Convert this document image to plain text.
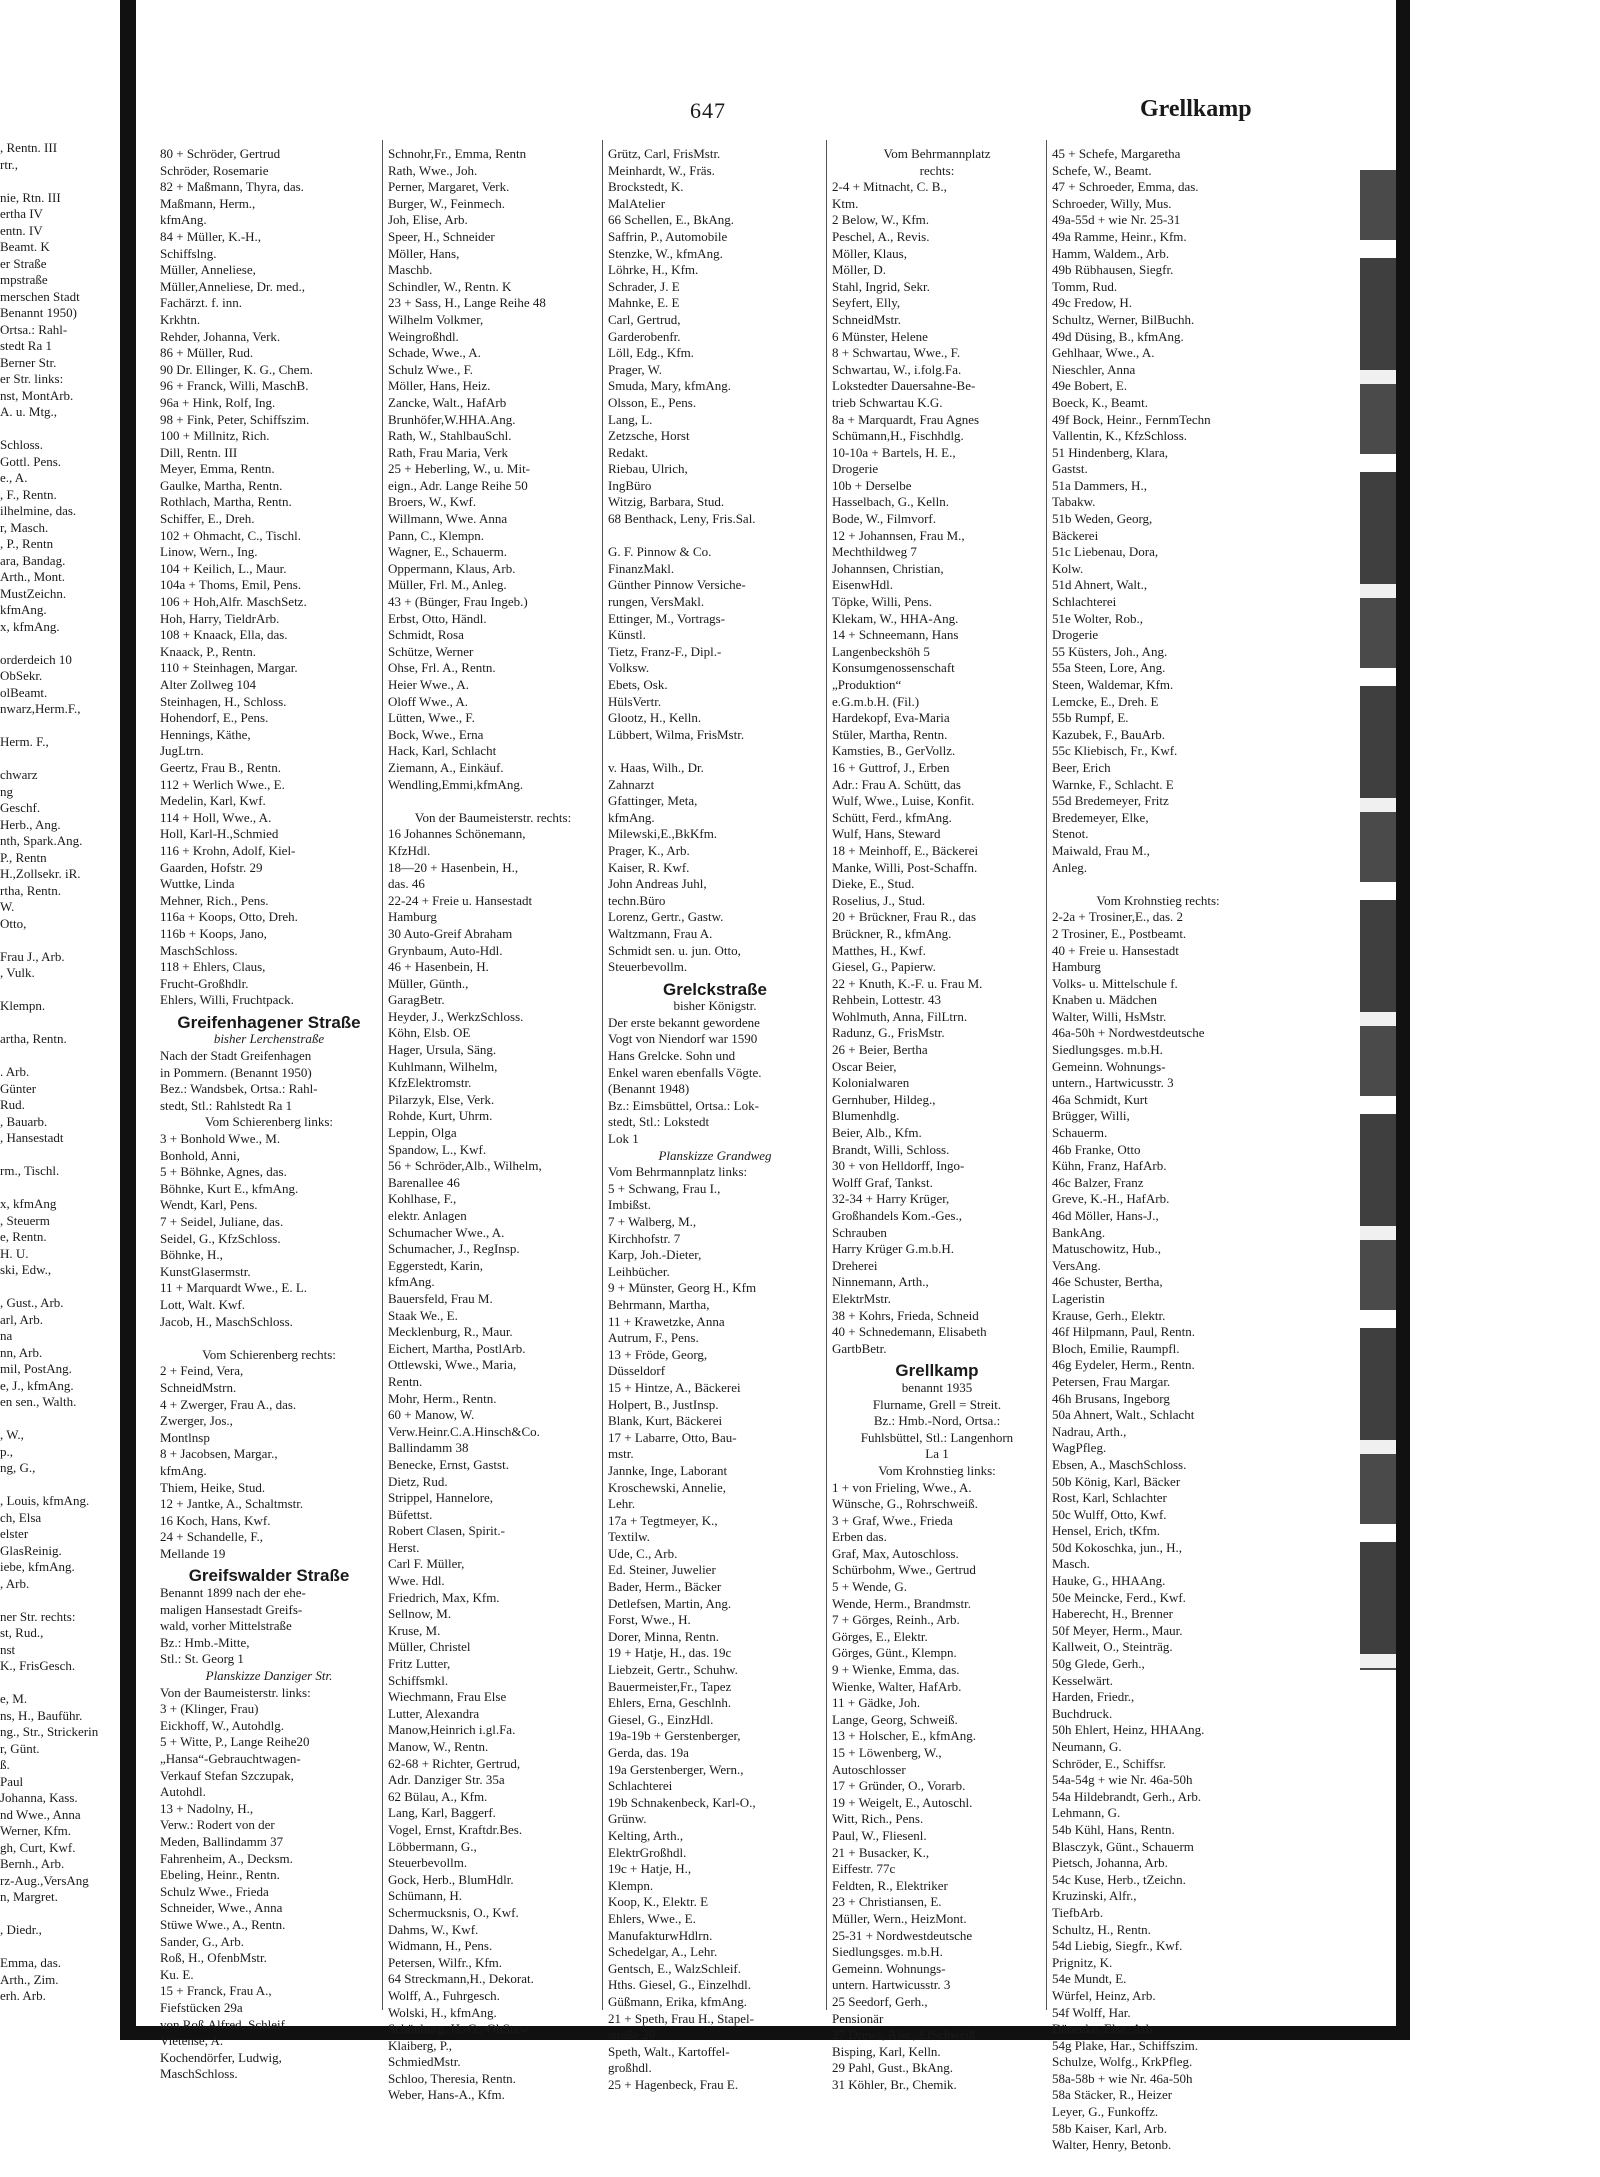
, Rentn. III
rtr.,

nie, Rtn. III
ertha IV
entn. IV
Beamt. K
er Straße
mpstraße
merschen Stadt
Benannt 1950)
Ortsa.: Rahl-
stedt Ra 1
Berner Str.
er Str. links:
nst, MontArb.
A. u. Mtg.,

Schloss.
Gottl. Pens.
e., A.
, F., Rentn.
ilhelmine, das.
r, Masch.
, P., Rentn
ara, Bandag.
Arth., Mont.
MustZeichn.
kfmAng.
x, kfmAng.

orderdeich 10
ObSekr.
olBeamt.
nwarz,Herm.F.,

Herm. F.,

chwarz
ng
Geschf.
Herb., Ang.
nth, Spark.Ang.
P., Rentn
H.,Zollsekr. iR.
rtha, Rentn.
W.
Otto,

Frau J., Arb.
, Vulk.

Klempn.

artha, Rentn.

. Arb.
Günter
Rud.
, Bauarb.
, Hansestadt

rm., Tischl.

x, kfmAng
, Steuerm
e, Rentn.
H. U.
ski, Edw.,

, Gust., Arb.
arl, Arb.
na
nn, Arb.
mil, PostAng.
e, J., kfmAng.
en sen., Walth.

, W.,
p.,
ng, G.,

, Louis, kfmAng.
ch, Elsa
elster
GlasReinig.
iebe, kfmAng.
, Arb.

ner Str. rechts:
st, Rud.,
nst
K., FrisGesch.

e, M.
ns, H., Bauführ.
ng., Str., Strickerin
r, Günt.
ß.
Paul
Johanna, Kass.
nd Wwe., Anna
Werner, Kfm.
gh, Curt, Kwf.
Bernh., Arb.
rz-Aug.,VersAng
n, Margret.

, Diedr.,

Emma, das.
Arth., Zim.
erh. Arb.
647	Grellkamp
80 + Schröder, Gertrud
Schröder, Rosemarie
82 + Maßmann, Thyra, das.
Maßmann, Herm.,
kfmAng.
84 + Müller, K.-H.,
Schiffslng.
Müller, Anneliese,
Müller,Anneliese, Dr. med.,
Fachärzt. f. inn.
Krkhtn.
Rehder, Johanna, Verk.
86 + Müller, Rud.
90 Dr. Ellinger, K. G., Chem.
96 + Franck, Willi, MaschB.
96a + Hink, Rolf, Ing.
98 + Fink, Peter, Schiffszim.
100 + Millnitz, Rich.
Dill, Rentn. III
Meyer, Emma, Rentn.
Gaulke, Martha, Rentn.
Rothlach, Martha, Rentn.
Schiffer, E., Dreh.
102 + Ohmacht, C., Tischl.
Linow, Wern., Ing.
104 + Keilich, L., Maur.
104a + Thoms, Emil, Pens.
106 + Hoh,Alfr. MaschSetz.
Hoh, Harry, TieldrArb.
108 + Knaack, Ella, das.
Knaack, P., Rentn.
110 + Steinhagen, Margar.
Alter Zollweg 104
Steinhagen, H., Schloss.
Hohendorf, E., Pens.
Hennings, Käthe,
JugLtrn.
Geertz, Frau B., Rentn.
112 + Werlich Wwe., E.
Medelin, Karl, Kwf.
114 + Holl, Wwe., A.
Holl, Karl-H.,Schmied
116 + Krohn, Adolf, Kiel-
Gaarden, Hofstr. 29
Wuttke, Linda
Mehner, Rich., Pens.
116a + Koops, Otto, Dreh.
116b + Koops, Jano,
MaschSchloss.
118 + Ehlers, Claus,
Frucht-Großhdlr.
Ehlers, Willi, Fruchtpack.
Greifenhagener Straße
bisher Lerchenstraße
Nach der Stadt Greifenhagen
in Pommern. (Benannt 1950)
Bez.: Wandsbek, Ortsa.: Rahl-
stedt, Stl.: Rahlstedt Ra 1
Vom Schierenberg links:
3 + Bonhold Wwe., M.
Bonhold, Anni,
5 + Böhnke, Agnes, das.
Böhnke, Kurt E., kfmAng.
Wendt, Karl, Pens.
7 + Seidel, Juliane, das.
Seidel, G., KfzSchloss.
Böhnke, H.,
KunstGlasermstr.
11 + Marquardt Wwe., E. L.
Lott, Walt. Kwf.
Jacob, H., MaschSchloss.

Vom Schierenberg rechts:
2 + Feind, Vera,
SchneidMstrn.
4 + Zwerger, Frau A., das.
Zwerger, Jos.,
Montlnsp
8 + Jacobsen, Margar.,
kfmAng.
Thiem, Heike, Stud.
12 + Jantke, A., Schaltmstr.
16 Koch, Hans, Kwf.
24 + Schandelle, F.,
Mellande 19
Greifswalder Straße
Benannt 1899 nach der ehe-
maligen Hansestadt Greifs-
wald, vorher Mittelstraße
Bz.: Hmb.-Mitte,
Stl.: St. Georg 1
Planskizze Danziger Str.
Von der Baumeisterstr. links:
3 + (Klinger, Frau)
Eickhoff, W., Autohdlg.
5 + Witte, P., Lange Reihe20
„Hansa“-Gebrauchtwagen-
Verkauf Stefan Szczupak,
Autohdl.
13 + Nadolny, H.,
Verw.: Rodert von der
Meden, Ballindamm 37
Fahrenheim, A., Decksm.
Ebeling, Heinr., Rentn.
Schulz Wwe., Frieda
Schneider, Wwe., Anna
Stüwe Wwe., A., Rentn.
Sander, G., Arb.
Roß, H., OfenbMstr.
Ku. E.
15 + Franck, Frau A.,
Fiefstücken 29a
von Roß,Alfred, Schleif.
Vietense, A.
Kochendörfer, Ludwig,
MaschSchloss.
Schnohr,Fr., Emma, Rentn
Rath, Wwe., Joh.
Perner, Margaret, Verk.
Burger, W., Feinmech.
Joh, Elise, Arb.
Speer, H., Schneider
Möller, Hans,
Maschb.
Schindler, W., Rentn. K
23 + Sass, H., Lange Reihe 48
Wilhelm Volkmer,
Weingroßhdl.
Schade, Wwe., A.
Schulz Wwe., F.
Möller, Hans, Heiz.
Zancke, Walt., HafArb
Brunhöfer,W.HHA.Ang.
Rath, W., StahlbauSchl.
Rath, Frau Maria, Verk
25 + Heberling, W., u. Mit-
eign., Adr. Lange Reihe 50
Broers, W., Kwf.
Willmann, Wwe. Anna
Pann, C., Klempn.
Wagner, E., Schauerm.
Oppermann, Klaus, Arb.
Müller, Frl. M., Anleg.
43 + (Bünger, Frau Ingeb.)
Erbst, Otto, Händl.
Schmidt, Rosa
Schütze, Werner
Ohse, Frl. A., Rentn.
Heier Wwe., A.
Oloff Wwe., A.
Lütten, Wwe., F.
Bock, Wwe., Erna
Hack, Karl, Schlacht
Ziemann, A., Einkäuf.
Wendling,Emmi,kfmAng.

Von der Baumeisterstr. rechts:
16 Johannes Schönemann,
KfzHdl.
18—20 + Hasenbein, H.,
das. 46
22-24 + Freie u. Hansestadt
Hamburg
30 Auto-Greif Abraham
Grynbaum, Auto-Hdl.
46 + Hasenbein, H.
Müller, Günth.,
GaragBetr.
Heyder, J., WerkzSchloss.
Köhn, Elsb. OE
Hager, Ursula, Säng.
Kuhlmann, Wilhelm,
KfzElektromstr.
Pilarzyk, Else, Verk.
Rohde, Kurt, Uhrm.
Leppin, Olga
Spandow, L., Kwf.
56 + Schröder,Alb., Wilhelm,
Barenallee 46
Kohlhase, F.,
elektr. Anlagen
Schumacher Wwe., A.
Schumacher, J., RegInsp.
Eggerstedt, Karin,
kfmAng.
Bauersfeld, Frau M.
Staak We., E.
Mecklenburg, R., Maur.
Eichert, Martha, PostlArb.
Ottlewski, Wwe., Maria,
Rentn.
Mohr, Herm., Rentn.
60 + Manow, W.
Verw.Heinr.C.A.Hinsch&Co.
Ballindamm 38
Benecke, Ernst, Gastst.
Dietz, Rud.
Strippel, Hannelore,
Büfettst.
Robert Clasen, Spirit.-
Herst.
Carl F. Müller,
Wwe. Hdl.
Friedrich, Max, Kfm.
Sellnow, M.
Kruse, M.
Müller, Christel
Fritz Lutter,
Schiffsmkl.
Wiechmann, Frau Else
Lutter, Alexandra
Manow,Heinrich i.gl.Fa.
Manow, W., Rentn.
62-68 + Richter, Gertrud,
Adr. Danziger Str. 35a
62 Bülau, A., Kfm.
Lang, Karl, Baggerf.
Vogel, Ernst, Kraftdr.Bes.
Löbbermann, G.,
Steuerbevollm.
Gock, Herb., BlumHdlr.
Schümann, H.
Schermucksnis, O., Kwf.
Dahms, W., Kwf.
Widmann, H., Pens.
Petersen, Wilfr., Kfm.
64 Streckmann,H., Dekorat.
Wolff, A., Fuhrgesch.
Wolski, H., kfmAng.
Schönburg, H.-G., ObStew.
Klaiberg, P.,
SchmiedMstr.
Schloo, Theresia, Rentn.
Weber, Hans-A., Kfm.
Grütz, Carl, FrisMstr.
Meinhardt, W., Fräs.
Brockstedt, K.
MalAtelier
66 Schellen, E., BkAng.
Saffrin, P., Automobile
Stenzke, W., kfmAng.
Löhrke, H., Kfm.
Schrader, J. E
Mahnke, E. E
Carl, Gertrud,
Garderobenfr.
Löll, Edg., Kfm.
Prager, W.
Smuda, Mary, kfmAng.
Olsson, E., Pens.
Lang, L.
Zetzsche, Horst
Redakt.
Riebau, Ulrich,
IngBüro
Witzig, Barbara, Stud.
68 Benthack, Leny, Fris.Sal.

G. F. Pinnow & Co.
FinanzMakl.
Günther Pinnow Versiche-
rungen, VersMakl.
Ettinger, M., Vortrags-
Künstl.
Tietz, Franz-F., Dipl.-
Volksw.
Ebets, Osk.
HülsVertr.
Glootz, H., Kelln.
Lübbert, Wilma, FrisMstr.

v. Haas, Wilh., Dr.
Zahnarzt
Gfattinger, Meta,
kfmAng.
Milewski,E.,BkKfm.
Prager, K., Arb.
Kaiser, R. Kwf.
John Andreas Juhl,
techn.Büro
Lorenz, Gertr., Gastw.
Waltzmann, Frau A.
Schmidt sen. u. jun. Otto,
Steuerbevollm.
Grelckstraße
bisher Königstr.
Der erste bekannt gewordene
Vogt von Niendorf war 1590
Hans Grelcke. Sohn und
Enkel waren ebenfalls Vögte.
(Benannt 1948)
Bz.: Eimsbüttel, Ortsa.: Lok-
stedt, Stl.: Lokstedt
Lok 1
Planskizze Grandweg
Vom Behrmannplatz links:
5 + Schwang, Frau I.,
Imbißst.
7 + Walberg, M.,
Kirchhofstr. 7
Karp, Joh.-Dieter,
Leihbücher.
9 + Münster, Georg H., Kfm
Behrmann, Martha,
11 + Krawetzke, Anna
Autrum, F., Pens.
13 + Fröde, Georg,
Düsseldorf
15 + Hintze, A., Bäckerei
Holpert, B., JustInsp.
Blank, Kurt, Bäckerei
17 + Labarre, Otto, Bau-
mstr.
Jannke, Inge, Laborant
Kroschewski, Annelie,
Lehr.
17a + Tegtmeyer, K.,
Textilw.
Ude, C., Arb.
Ed. Steiner, Juwelier
Bader, Herm., Bäcker
Detlefsen, Martin, Ang.
Forst, Wwe., H.
Dorer, Minna, Rentn.
19 + Hatje, H., das. 19c
Liebzeit, Gertr., Schuhw.
Bauermeister,Fr., Tapez
Ehlers, Erna, Geschlnh.
Giesel, G., EinzHdl.
19a-19b + Gerstenberger,
Gerda, das. 19a
19a Gerstenberger, Wern.,
Schlachterei
19b Schnakenbeck, Karl-O.,
Grünw.
Kelting, Arth.,
ElektrGroßhdl.
19c + Hatje, H.,
Klempn.
Koop, K., Elektr. E
Ehlers, Wwe., E.
ManufakturwHdlrn.
Schedelgar, A., Lehr.
Gentsch, E., WalzSchleif.
Hths. Giesel, G., Einzelhdl.
Güßmann, Erika, kfmAng.
21 + Speth, Frau H., Stapel-
straße 20
Speth, Walt., Kartoffel-
großhdl.
25 + Hagenbeck, Frau E.
Vom Behrmannplatz
rechts:
2-4 + Mitnacht, C. B.,
Ktm.
2 Below, W., Kfm.
Peschel, A., Revis.
Möller, Klaus,
Möller, D.
Stahl, Ingrid, Sekr.
Seyfert, Elly,
SchneidMstr.
6 Münster, Helene
8 + Schwartau, Wwe., F.
Schwartau, W., i.folg.Fa.
Lokstedter Dauersahne-Be-
trieb Schwartau K.G.
8a + Marquardt, Frau Agnes
Schümann,H., Fischhdlg.
10-10a + Bartels, H. E.,
Drogerie
10b + Derselbe
Hasselbach, G., Kelln.
Bode, W., Filmvorf.
12 + Johannsen, Frau M.,
Mechthildweg 7
Johannsen, Christian,
EisenwHdl.
Töpke, Willi, Pens.
Klekam, W., HHA-Ang.
14 + Schneemann, Hans
Langenbeckshöh 5
Konsumgenossenschaft
„Produktion“
e.G.m.b.H. (Fil.)
Hardekopf, Eva-Maria
Stüler, Martha, Rentn.
Kamsties, B., GerVollz.
16 + Guttrof, J., Erben
Adr.: Frau A. Schütt, das
Wulf, Wwe., Luise, Konfit.
Schütt, Ferd., kfmAng.
Wulf, Hans, Steward
18 + Meinhoff, E., Bäckerei
Manke, Willi, Post-Schaffn.
Dieke, E., Stud.
Roselius, J., Stud.
20 + Brückner, Frau R., das
Brückner, R., kfmAng.
Matthes, H., Kwf.
Giesel, G., Papierw.
22 + Knuth, K.-F. u. Frau M.
Rehbein, Lottestr. 43
Wohlmuth, Anna, FilLtrn.
Radunz, G., FrisMstr.
26 + Beier, Bertha
Oscar Beier,
Kolonialwaren
Gernhuber, Hildeg.,
Blumenhdlg.
Beier, Alb., Kfm.
Brandt, Willi, Schloss.
30 + von Helldorff, Ingo-
Wolff Graf, Tankst.
32-34 + Harry Krüger,
Großhandels Kom.-Ges.,
Schrauben
Harry Krüger G.m.b.H.
Dreherei
Ninnemann, Arth.,
ElektrMstr.
38 + Kohrs, Frieda, Schneid
40 + Schnedemann, Elisabeth
GartbBetr.
Grellkamp
benannt 1935
Flurname, Grell = Streit.
Bz.: Hmb.-Nord, Ortsa.:
Fuhlsbüttel, Stl.: Langenhorn
La 1
Vom Krohnstieg links:
1 + von Frieling, Wwe., A.
Wünsche, G., Rohrschweiß.
3 + Graf, Wwe., Frieda
Erben das.
Graf, Max, Autoschloss.
Schürbohm, Wwe., Gertrud
5 + Wende, G.
Wende, Herm., Brandmstr.
7 + Görges, Reinh., Arb.
Görges, E., Elektr.
Görges, Günt., Klempn.
9 + Wienke, Emma, das.
Wienke, Walter, HafArb.
11 + Gädke, Joh.
Lange, Georg, Schweiß.
13 + Holscher, E., kfmAng.
15 + Löwenberg, W.,
Autoschlosser
17 + Gründer, O., Vorarb.
19 + Weigelt, E., Autoschl.
Witt, Rich., Pens.
Paul, W., Fliesenl.
21 + Busacker, K.,
Eiffestr. 77c
Feldten, R., Elektriker
23 + Christiansen, E.
Müller, Wern., HeizMont.
25-31 + Nordwestdeutsche
Siedlungsges. m.b.H.
Gemeinn. Wohnungs-
untern. Hartwicusstr. 3
25 Seedorf, Gerh.,
Pensionär
27 Drews, Alw., ElSchweiß.
Bisping, Karl, Kelln.
29 Pahl, Gust., BkAng.
31 Köhler, Br., Chemik.
45 + Schefe, Margaretha
Schefe, W., Beamt.
47 + Schroeder, Emma, das.
Schroeder, Willy, Mus.
49a-55d + wie Nr. 25-31
49a Ramme, Heinr., Kfm.
Hamm, Waldem., Arb.
49b Rübhausen, Siegfr.
Tomm, Rud.
49c Fredow, H.
Schultz, Werner, BilBuchh.
49d Düsing, B., kfmAng.
Gehlhaar, Wwe., A.
Nieschler, Anna
49e Bobert, E.
Boeck, K., Beamt.
49f Bock, Heinr., FernmTechn
Vallentin, K., KfzSchloss.
51 Hindenberg, Klara,
Gastst.
51a Dammers, H.,
Tabakw.
51b Weden, Georg,
Bäckerei
51c Liebenau, Dora,
Kolw.
51d Ahnert, Walt.,
Schlachterei
51e Wolter, Rob.,
Drogerie
55 Küsters, Joh., Ang.
55a Steen, Lore, Ang.
Steen, Waldemar, Kfm.
Lemcke, E., Dreh. E
55b Rumpf, E.
Kazubek, F., BauArb.
55c Kliebisch, Fr., Kwf.
Beer, Erich
Warnke, F., Schlacht. E
55d Bredemeyer, Fritz
Bredemeyer, Elke,
Stenot.
Maiwald, Frau M.,
Anleg.

Vom Krohnstieg rechts:
2-2a + Trosiner,E., das. 2
2 Trosiner, E., Postbeamt.
40 + Freie u. Hansestadt
Hamburg
Volks- u. Mittelschule f.
Knaben u. Mädchen
Walter, Willi, HsMstr.
46a-50h + Nordwestdeutsche
Siedlungsges. m.b.H.
Gemeinn. Wohnungs-
untern., Hartwicusstr. 3
46a Schmidt, Kurt
Brügger, Willi,
Schauerm.
46b Franke, Otto
Kühn, Franz, HafArb.
46c Balzer, Franz
Greve, K.-H., HafArb.
46d Möller, Hans-J.,
BankAng.
Matuschowitz, Hub.,
VersAng.
46e Schuster, Bertha,
Lageristin
Krause, Gerh., Elektr.
46f Hilpmann, Paul, Rentn.
Bloch, Emilie, Raumpfl.
46g Eydeler, Herm., Rentn.
Petersen, Frau Margar.
46h Brusans, Ingeborg
50a Ahnert, Walt., Schlacht
Nadrau, Arth.,
WagPfleg.
Ebsen, A., MaschSchloss.
50b König, Karl, Bäcker
Rost, Karl, Schlachter
50c Wulff, Otto, Kwf.
Hensel, Erich, tKfm.
50d Kokoschka, jun., H.,
Masch.
Hauke, G., HHAAng.
50e Meincke, Ferd., Kwf.
Haberecht, H., Brenner
50f Meyer, Herm., Maur.
Kallweit, O., Steinträg.
50g Glede, Gerh.,
Kesselwärt.
Harden, Friedr.,
Buchdruck.
50h Ehlert, Heinz, HHAAng.
Neumann, G.
Schröder, E., Schiffsr.
54a-54g + wie Nr. 46a-50h
54a Hildebrandt, Gerh., Arb.
Lehmann, G.
54b Kühl, Hans, Rentn.
Blasczyk, Günt., Schauerm
Pietsch, Johanna, Arb.
54c Kuse, Herb., tZeichn.
Kruzinski, Alfr.,
TiefbArb.
Schultz, H., Rentn.
54d Liebig, Siegfr., Kwf.
Prignitz, K.
54e Mundt, E.
Würfel, Heinz, Arb.
54f Wolff, Har.
Dänecke, Else, Arb.
54g Plake, Har., Schiffszim.
Schulze, Wolfg., KrkPfleg.
58a-58b + wie Nr. 46a-50h
58a Stäcker, R., Heizer
Leyer, G., Funkoffz.
58b Kaiser, Karl, Arb.
Walter, Henry, Betonb.
